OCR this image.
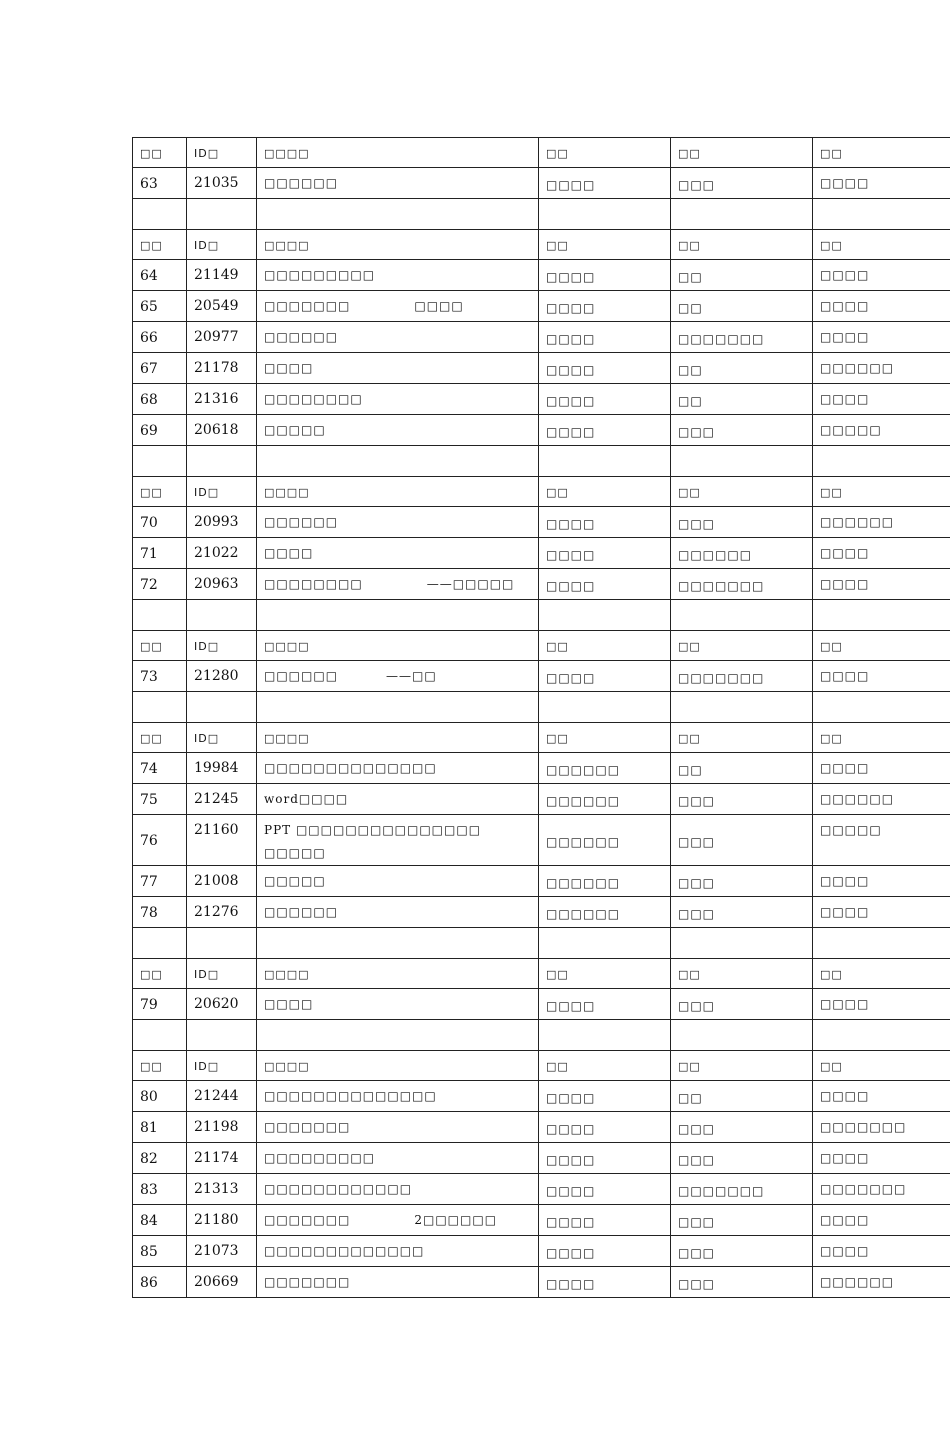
□□	ID□	□□□□	□□	□□	□□
63	21035	□□□□□□	□□□□	□□□	□□□□

□□	ID□	□□□□	□□	□□	□□
64	21149	□□□□□□□□□	□□□□	□□	□□□□
65	20549	□□□□□□□ □□□□	□□□□	□□	□□□□
66	20977	□□□□□□	□□□□	□□□□□□□	□□□□
67	21178	□□□□	□□□□	□□	□□□□□□
68	21316	□□□□□□□□	□□□□	□□	□□□□
69	20618	□□□□□	□□□□	□□□	□□□□□

□□	ID□	□□□□	□□	□□	□□
70	20993	□□□□□□	□□□□	□□□	□□□□□□
71	21022	□□□□	□□□□	□□□□□□	□□□□
72	20963	□□□□□□□□ ——□□□□□	□□□□	□□□□□□□	□□□□

□□	ID□	□□□□	□□	□□	□□
73	21280	□□□□□□ ——□□	□□□□	□□□□□□□	□□□□

□□	ID□	□□□□	□□	□□	□□
74	19984	□□□□□□□□□□□□□□	□□□□□□	□□	□□□□
75	21245	word□□□□	□□□□□□	□□□	□□□□□□
76	21160	PPT □□□□□□□□□□□□□□□
□□□□□	□□□□□□	□□□	□□□□□
77	21008	□□□□□	□□□□□□	□□□	□□□□
78	21276	□□□□□□	□□□□□□	□□□	□□□□

□□	ID□	□□□□	□□	□□	□□
79	20620	□□□□	□□□□	□□□	□□□□

□□	ID□	□□□□	□□	□□	□□
80	21244	□□□□□□□□□□□□□□	□□□□	□□	□□□□
81	21198	□□□□□□□	□□□□	□□□	□□□□□□□
82	21174	□□□□□□□□□	□□□□	□□□	□□□□
83	21313	□□□□□□□□□□□□	□□□□	□□□□□□□	□□□□□□□
84	21180	□□□□□□□ 2□□□□□□	□□□□	□□□	□□□□
85	21073	□□□□□□□□□□□□□	□□□□	□□□	□□□□
86	20669	□□□□□□□	□□□□	□□□	□□□□□□
